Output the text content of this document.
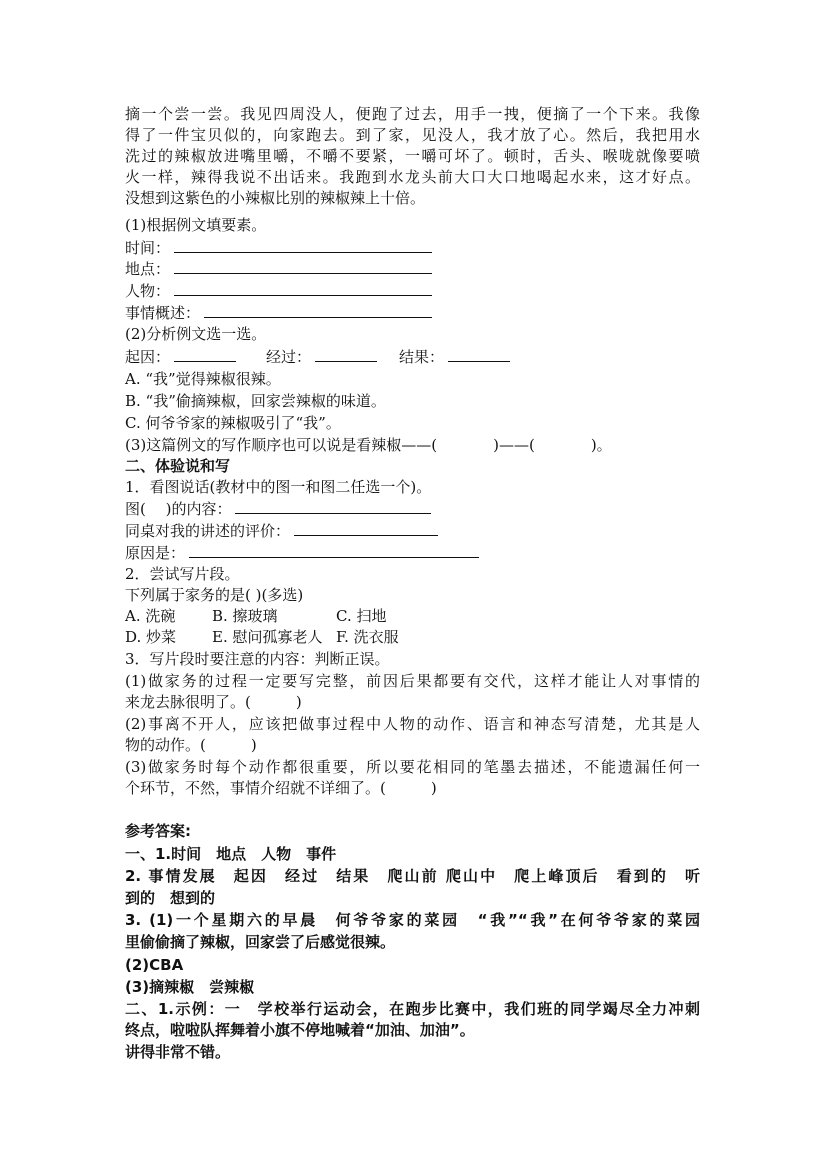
摘一个尝一尝。我见四周没人，便跑了过去，用手一拽，便摘了一个下来。我像
得了一件宝贝似的，向家跑去。到了家，见没人，我才放了心。然后，我把用水
洗过的辣椒放进嘴里嚼，不嚼不要紧，一嚼可坏了。顿时，舌头、喉咙就像要喷
火一样，辣得我说不出话来。我跑到水龙头前大口大口地喝起水来，这才好点。
没想到这紫色的小辣椒比别的辣椒辣上十倍。
(1)根据例文填要素。
时间：
地点：
人物：
事情概述：
(2)分析例文选一选。
起因：	经过：	结果：
A. “我”觉得辣椒很辣。
B. “我”偷摘辣椒，回家尝辣椒的味道。
C. 何爷爷家的辣椒吸引了“我”。
(3)这篇例文的写作顺序也可以说是看辣椒——(	)——(	)。
二、体验说和写
1．看图说话(教材中的图一和图二任选一个)。
图(　 )的内容：
同桌对我的讲述的评价：
原因是：
2．尝试写片段。
下列属于家务的是( )(多选)
A. 洗碗 B. 擦玻璃	C. 扫地
D. 炒菜 E. 慰问孤寡老人 F. 洗衣服
3．写片段时要注意的内容：判断正误。
(1)做家务的过程一定要写完整，前因后果都要有交代，这样才能让人对事情的
来龙去脉很明了。(　　　)
(2)事离不开人，应该把做事过程中人物的动作、语言和神态写清楚，尤其是人
物的动作。(　　　)
(3)做家务时每个动作都很重要，所以要花相同的笔墨去描述，不能遗漏任何一
个环节，不然，事情介绍就不详细了。(　　　)
参考答案:
一、1.时间　地点　人物　事件
2. 事情发展　起因　经过　结果　爬山前 爬山中　爬上峰顶后　看到的　听
到的　想到的
3. (1)一个星期六的早晨　何爷爷家的菜园　“我”“我”在何爷爷家的菜园
里偷偷摘了辣椒，回家尝了后感觉很辣。
(2)CBA
(3)摘辣椒　尝辣椒
二、1.示例：一　学校举行运动会，在跑步比赛中，我们班的同学竭尽全力冲刺
终点，啦啦队挥舞着小旗不停地喊着“加油、加油”。
讲得非常不错。
